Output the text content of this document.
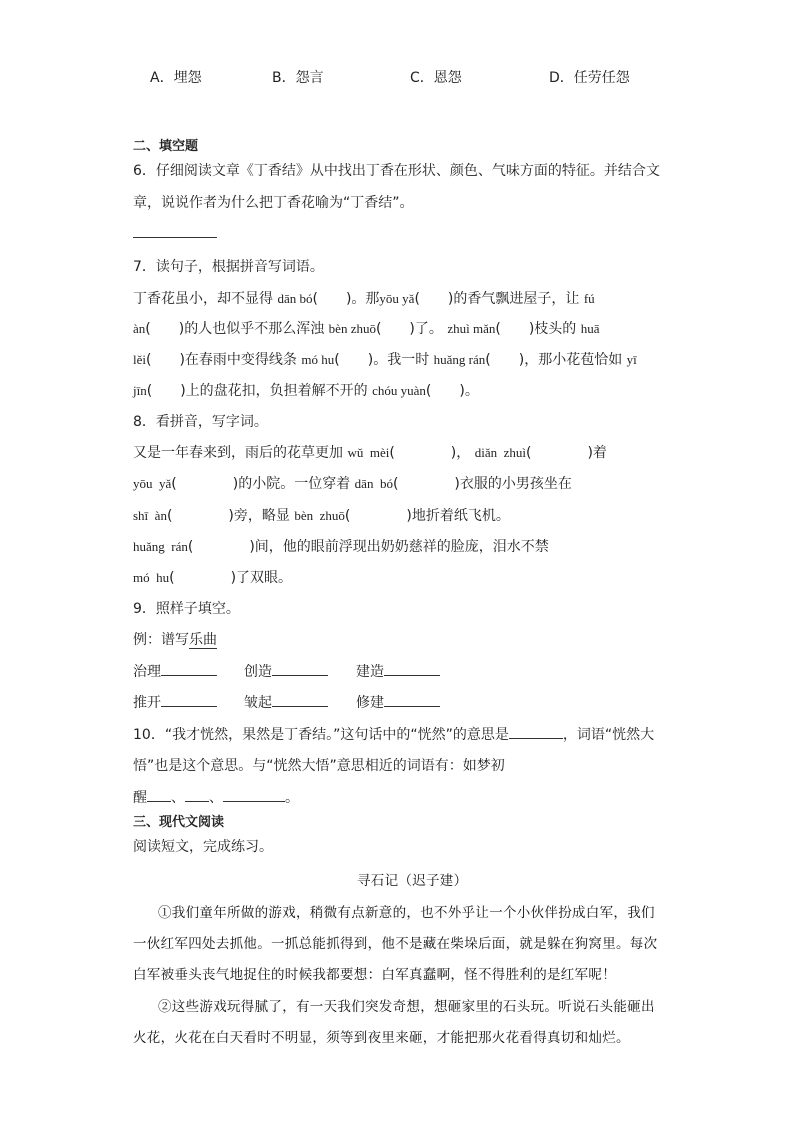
A．埋怨	B．怨言	C．恩怨	D．任劳任怨
二、填空题
6．仔细阅读文章《丁香结》从中找出丁香在形状、颜色、气味方面的特征。并结合文
章，说说作者为什么把丁香花喻为“丁香结”。
7．读句子，根据拼音写词语。
丁香花虽小，却不显得 dān bó(　　)。那yōu yǎ(　　)的香气飘进屋子，让 fú
àn(　　)的人也似乎不那么浑浊 bèn zhuō(　　)了。 zhuì mǎn(　　)枝头的 huā
lěi(　　)在春雨中变得线条 mó hu(　　)。我一时 huǎng rán(　　)，那小花苞恰如 yī
jīn(　　)上的盘花扣，负担着解不开的 chóu yuàn(　　)。
8．看拼音，写字词。
又是一年春来到，雨后的花草更加 wǔ  mèi(　　　　)， diǎn  zhuì(　　　　)着
yōu  yǎ(　　　　)的小院。一位穿着 dān  bó(　　　　)衣服的小男孩坐在
shī  àn(　　　　)旁，略显 bèn  zhuō(　　　　)地折着纸飞机。
huǎng  rán(　　　　)间，他的眼前浮现出奶奶慈祥的脸庞，泪水不禁
mó  hu(　　　　)了双眼。
9．照样子填空。
例：谱写乐曲
治理	创造	建造
推开	皱起	修建
10．“我才恍然，果然是丁香结。”这句话中的“恍然”的意思是	，词语“恍然大
悟”也是这个意思。与“恍然大悟”意思相近的词语有：如梦初
醒 、 、	。
三、现代文阅读
阅读短文，完成练习。
寻石记（迟子建）
①我们童年所做的游戏，稍微有点新意的，也不外乎让一个小伙伴扮成白军，我们
一伙红军四处去抓他。一抓总能抓得到，他不是藏在柴垛后面，就是躲在狗窝里。每次
白军被垂头丧气地捉住的时候我都要想：白军真蠢啊，怪不得胜利的是红军呢！
②这些游戏玩得腻了，有一天我们突发奇想，想砸家里的石头玩。听说石头能砸出
火花，火花在白天看时不明显，须等到夜里来砸，才能把那火花看得真切和灿烂。
